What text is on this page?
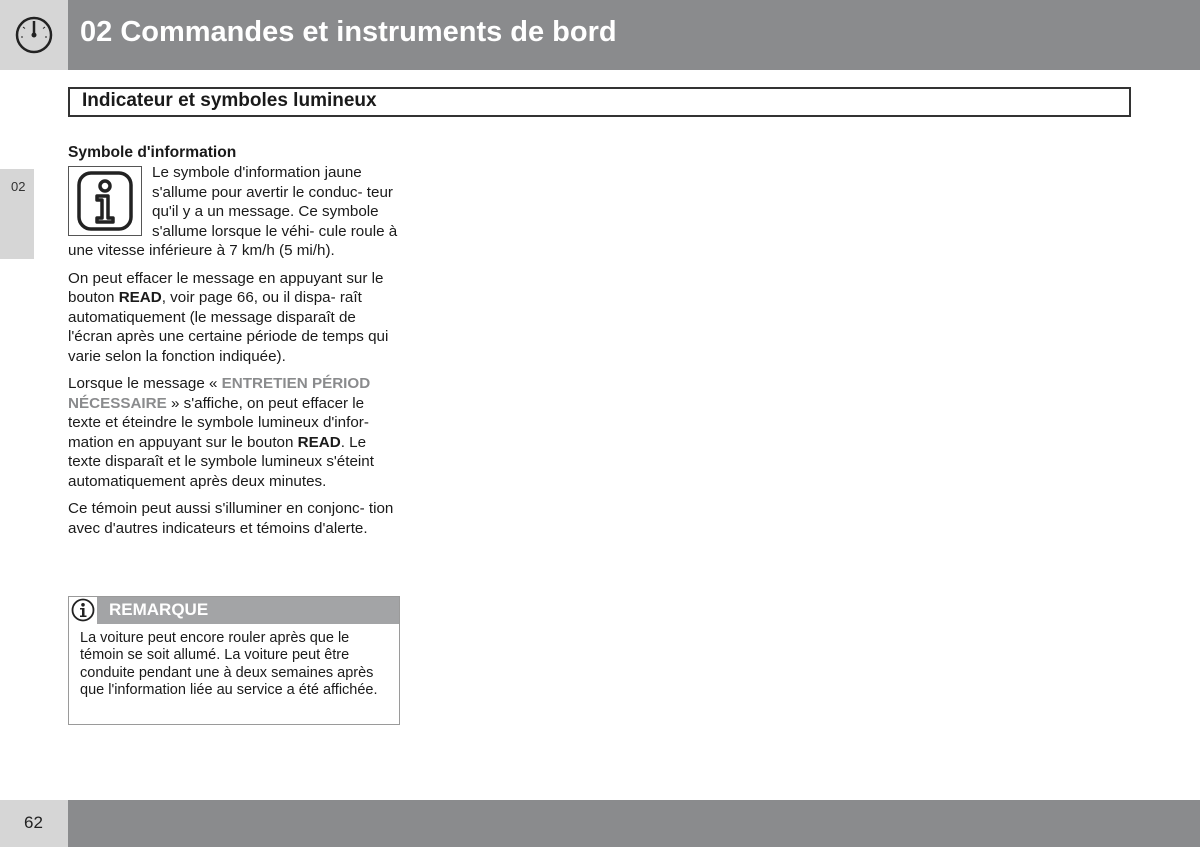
02 Commandes et instruments de bord
Indicateur et symboles lumineux
02
Symbole d'information

Le symbole d'information jaune s'allume pour avertir le conduc- teur qu'il y a un message. Ce symbole s'allume lorsque le véhi- cule roule à une vitesse inférieure à 7 km/h (5 mi/h).

On peut effacer le message en appuyant sur le bouton READ, voir page 66, ou il dispa- raît automatiquement (le message disparaît de l'écran après une certaine période de temps qui varie selon la fonction indiquée).

Lorsque le message « ENTRETIEN PÉRIOD NÉCESSAIRE » s'affiche, on peut effacer le texte et éteindre le symbole lumineux d'infor- mation en appuyant sur le bouton READ. Le texte disparaît et le symbole lumineux s'éteint automatiquement après deux minutes.

Ce témoin peut aussi s'illuminer en conjonc- tion avec d'autres indicateurs et témoins d'alerte.

REMARQUE
La voiture peut encore rouler après que le témoin se soit allumé. La voiture peut être conduite pendant une à deux semaines après que l'information liée au service a été affichée.
62
